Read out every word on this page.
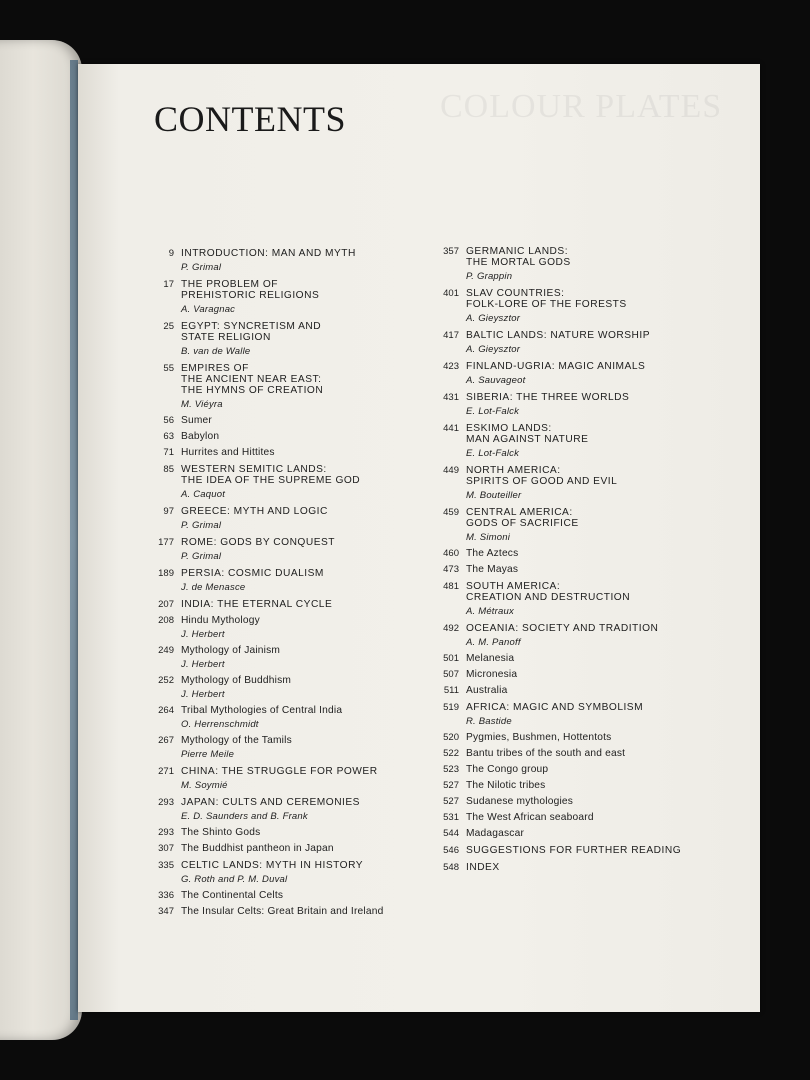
COLOUR PLATES
CONTENTS
9 INTRODUCTION: MAN AND MYTH
P. Grimal
17 THE PROBLEM OF
PREHISTORIC RELIGIONS
A. Varagnac
25 EGYPT: SYNCRETISM AND
STATE RELIGION
B. van de Walle
55 EMPIRES OF
THE ANCIENT NEAR EAST:
THE HYMNS OF CREATION
M. Viéyra
56 Sumer
63 Babylon
71 Hurrites and Hittites
85 WESTERN SEMITIC LANDS:
THE IDEA OF THE SUPREME GOD
A. Caquot
97 GREECE: MYTH AND LOGIC
P. Grimal
177 ROME: GODS BY CONQUEST
P. Grimal
189 PERSIA: COSMIC DUALISM
J. de Menasce
207 INDIA: THE ETERNAL CYCLE
208 Hindu Mythology
J. Herbert
249 Mythology of Jainism
J. Herbert
252 Mythology of Buddhism
J. Herbert
264 Tribal Mythologies of Central India
O. Herrenschmidt
267 Mythology of the Tamils
Pierre Meile
271 CHINA: THE STRUGGLE FOR POWER
M. Soymié
293 JAPAN: CULTS AND CEREMONIES
E. D. Saunders and B. Frank
293 The Shinto Gods
307 The Buddhist pantheon in Japan
335 CELTIC LANDS: MYTH IN HISTORY
G. Roth and P. M. Duval
336 The Continental Celts
347 The Insular Celts: Great Britain and Ireland
357 GERMANIC LANDS:
THE MORTAL GODS
P. Grappin
401 SLAV COUNTRIES:
FOLK-LORE OF THE FORESTS
A. Gieysztor
417 BALTIC LANDS: NATURE WORSHIP
A. Gieysztor
423 FINLAND-UGRIA: MAGIC ANIMALS
A. Sauvageot
431 SIBERIA: THE THREE WORLDS
E. Lot-Falck
441 ESKIMO LANDS:
MAN AGAINST NATURE
E. Lot-Falck
449 NORTH AMERICA:
SPIRITS OF GOOD AND EVIL
M. Bouteiller
459 CENTRAL AMERICA:
GODS OF SACRIFICE
M. Simoni
460 The Aztecs
473 The Mayas
481 SOUTH AMERICA:
CREATION AND DESTRUCTION
A. Métraux
492 OCEANIA: SOCIETY AND TRADITION
A. M. Panoff
501 Melanesia
507 Micronesia
511 Australia
519 AFRICA: MAGIC AND SYMBOLISM
R. Bastide
520 Pygmies, Bushmen, Hottentots
522 Bantu tribes of the south and east
523 The Congo group
527 The Nilotic tribes
527 Sudanese mythologies
531 The West African seaboard
544 Madagascar
546 SUGGESTIONS FOR FURTHER READING
548 INDEX
